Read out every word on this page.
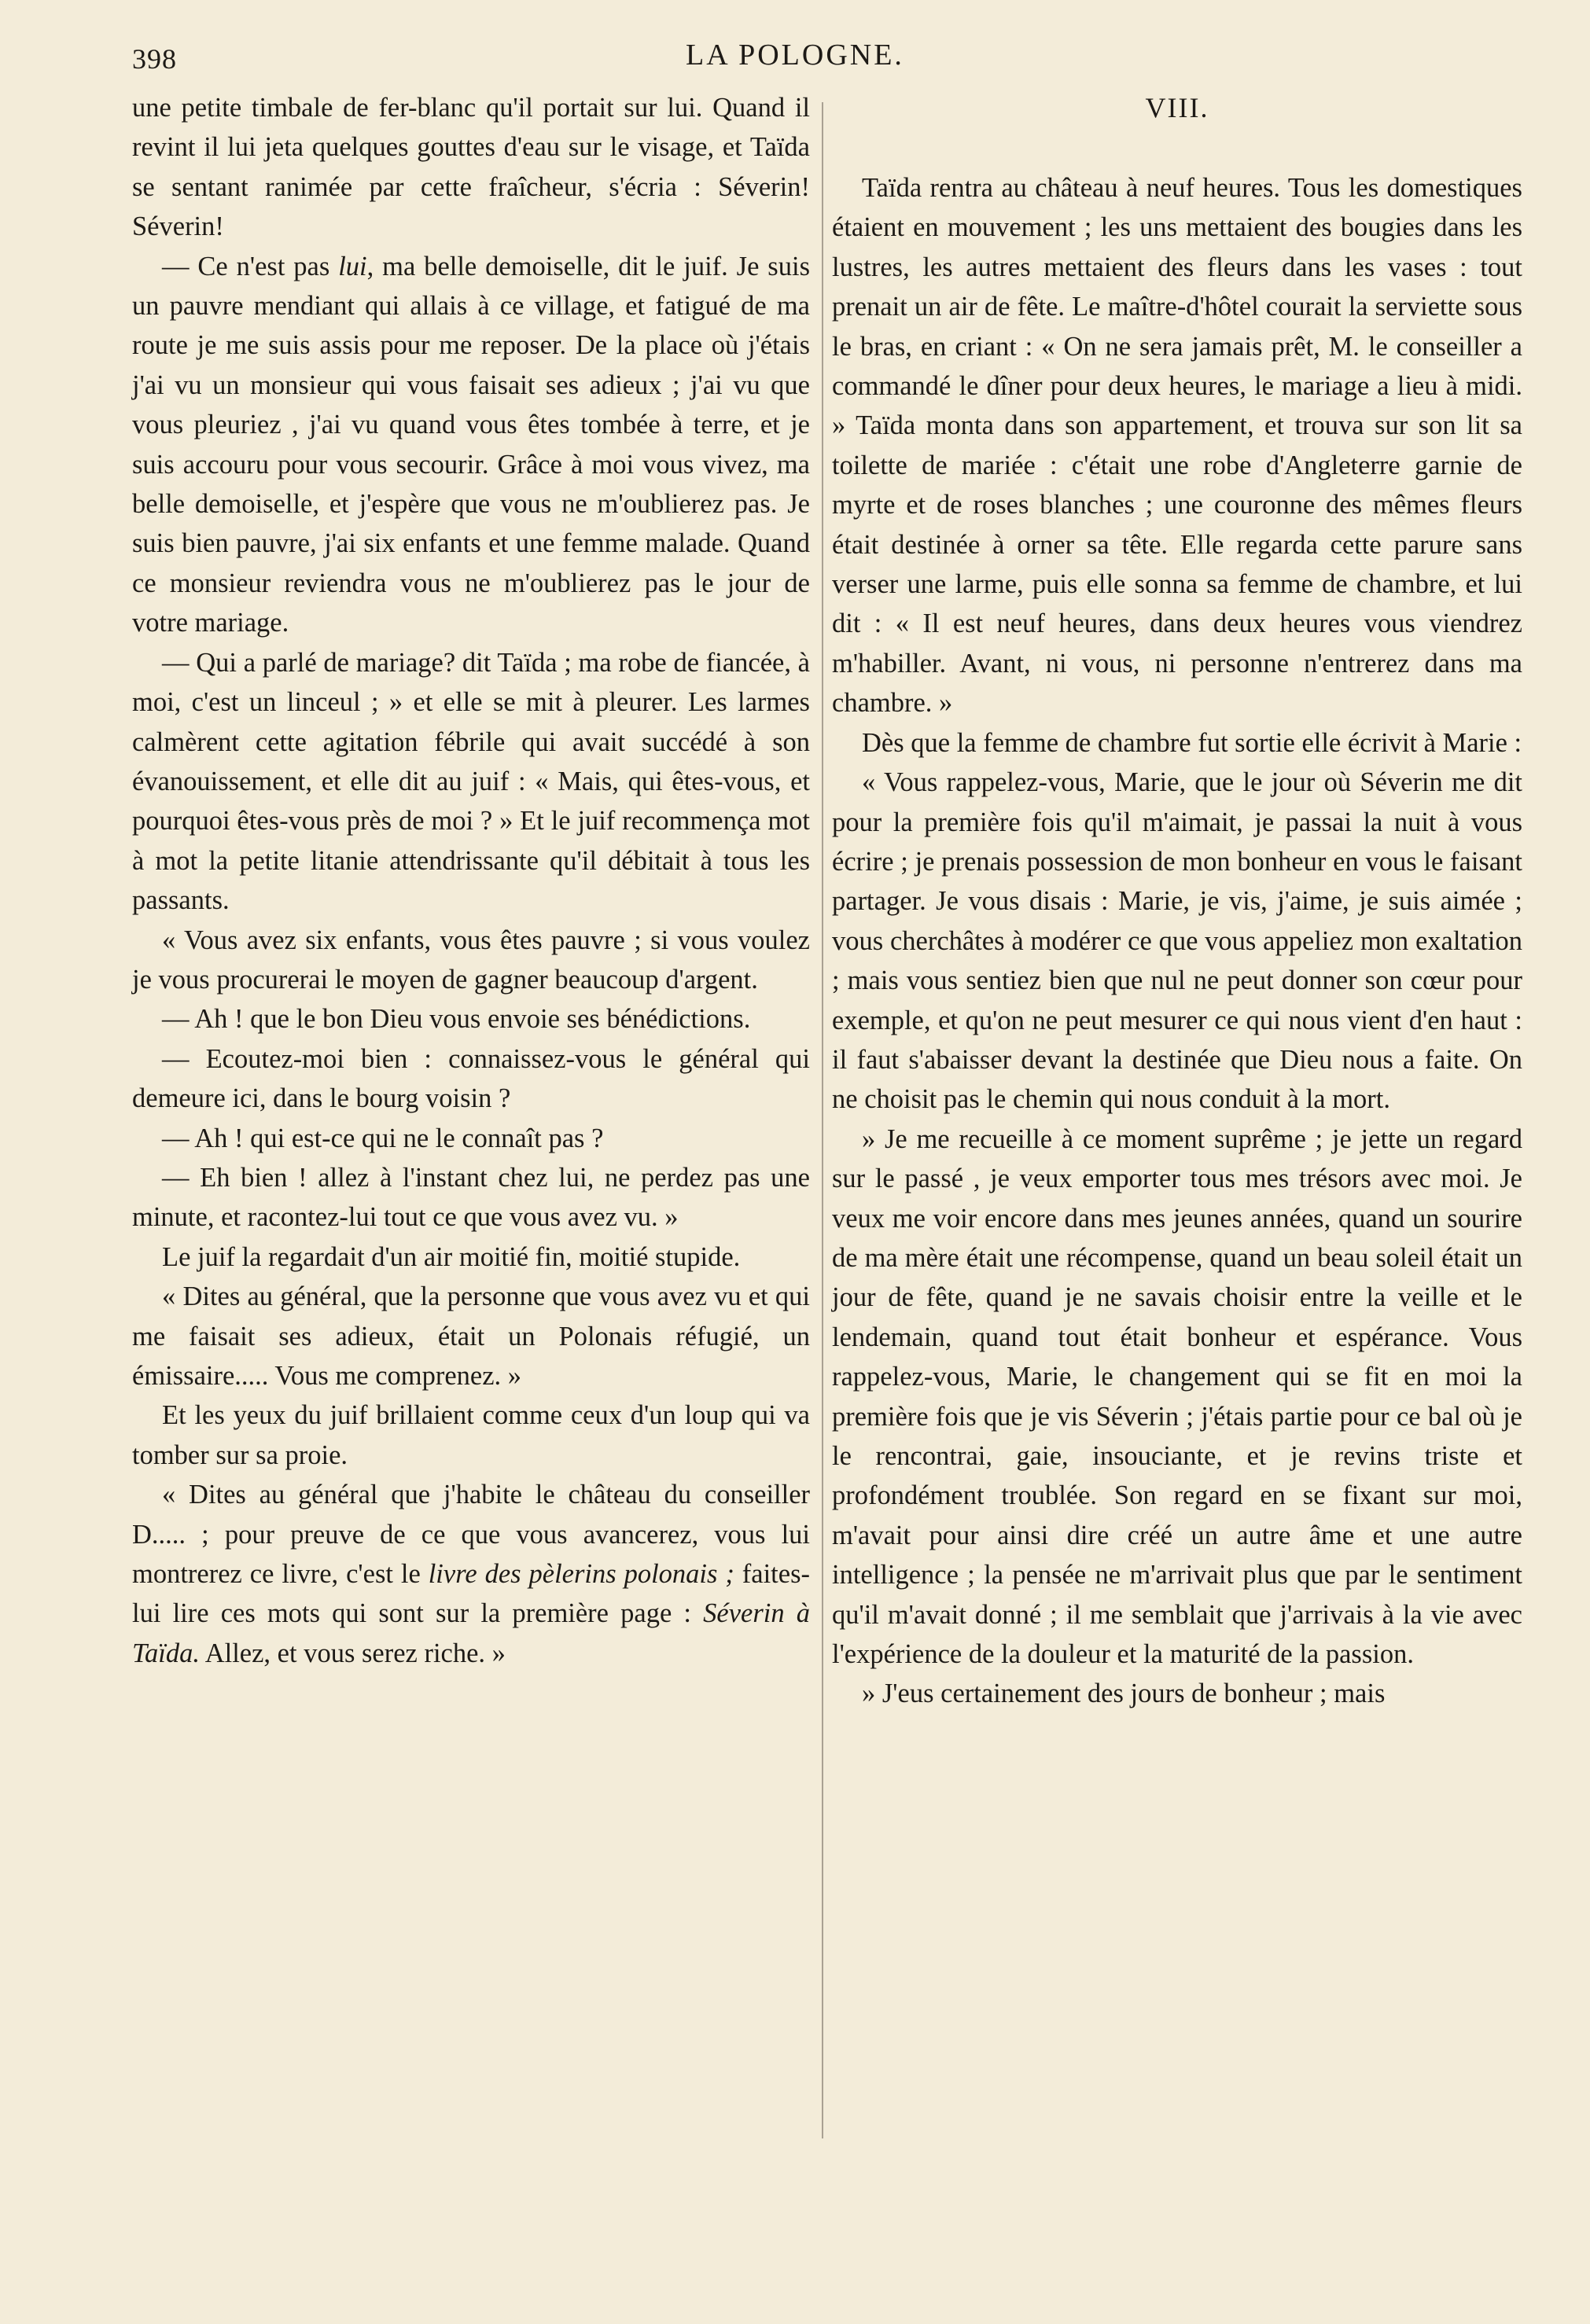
398	LA POLOGNE.

une petite timbale de fer-blanc qu'il portait sur lui. Quand il revint il lui jeta quelques gouttes d'eau sur le visage, et Taïda se sentant ranimée par cette fraîcheur, s'écria : Séverin! Séverin!

— Ce n'est pas lui, ma belle demoiselle, dit le juif. Je suis un pauvre mendiant qui allais à ce village, et fatigué de ma route je me suis assis pour me reposer. De la place où j'étais j'ai vu un monsieur qui vous faisait ses adieux ; j'ai vu que vous pleuriez , j'ai vu quand vous êtes tombée à terre, et je suis accouru pour vous secourir. Grâce à moi vous vivez, ma belle demoiselle, et j'espère que vous ne m'oublierez pas. Je suis bien pauvre, j'ai six enfants et une femme malade. Quand ce monsieur reviendra vous ne m'oublierez pas le jour de votre mariage.

— Qui a parlé de mariage? dit Taïda ; ma robe de fiancée, à moi, c'est un linceul ; » et elle se mit à pleurer. Les larmes calmèrent cette agitation fébrile qui avait succédé à son évanouissement, et elle dit au juif : « Mais, qui êtes-vous, et pourquoi êtes-vous près de moi ? » Et le juif recommença mot à mot la petite litanie attendrissante qu'il débitait à tous les passants.

« Vous avez six enfants, vous êtes pauvre ; si vous voulez je vous procurerai le moyen de gagner beaucoup d'argent.

— Ah ! que le bon Dieu vous envoie ses bénédictions.

— Ecoutez-moi bien : connaissez-vous le général qui demeure ici, dans le bourg voisin ?

— Ah ! qui est-ce qui ne le connaît pas ?

— Eh bien ! allez à l'instant chez lui, ne perdez pas une minute, et racontez-lui tout ce que vous avez vu. »

Le juif la regardait d'un air moitié fin, moitié stupide.

« Dites au général, que la personne que vous avez vu et qui me faisait ses adieux, était un Polonais réfugié, un émissaire..... Vous me comprenez. »

Et les yeux du juif brillaient comme ceux d'un loup qui va tomber sur sa proie.

« Dites au général que j'habite le château du conseiller D..... ; pour preuve de ce que vous avancerez, vous lui montrerez ce livre, c'est le livre des pèlerins polonais ; faites-lui lire ces mots qui sont sur la première page : Séverin à Taïda. Allez, et vous serez riche. »

VIII.

Taïda rentra au château à neuf heures. Tous les domestiques étaient en mouvement ; les uns mettaient des bougies dans les lustres, les autres mettaient des fleurs dans les vases : tout prenait un air de fête. Le maître-d'hôtel courait la serviette sous le bras, en criant : « On ne sera jamais prêt, M. le conseiller a commandé le dîner pour deux heures, le mariage a lieu à midi. » Taïda monta dans son appartement, et trouva sur son lit sa toilette de mariée : c'était une robe d'Angleterre garnie de myrte et de roses blanches ; une couronne des mêmes fleurs était destinée à orner sa tête. Elle regarda cette parure sans verser une larme, puis elle sonna sa femme de chambre, et lui dit : « Il est neuf heures, dans deux heures vous viendrez m'habiller. Avant, ni vous, ni personne n'entrerez dans ma chambre. »

Dès que la femme de chambre fut sortie elle écrivit à Marie :

« Vous rappelez-vous, Marie, que le jour où Séverin me dit pour la première fois qu'il m'aimait, je passai la nuit à vous écrire ; je prenais possession de mon bonheur en vous le faisant partager. Je vous disais : Marie, je vis, j'aime, je suis aimée ; vous cherchâtes à modérer ce que vous appeliez mon exaltation ; mais vous sentiez bien que nul ne peut donner son cœur pour exemple, et qu'on ne peut mesurer ce qui nous vient d'en haut : il faut s'abaisser devant la destinée que Dieu nous a faite. On ne choisit pas le chemin qui nous conduit à la mort.

» Je me recueille à ce moment suprême ; je jette un regard sur le passé , je veux emporter tous mes trésors avec moi. Je veux me voir encore dans mes jeunes années, quand un sourire de ma mère était une récompense, quand un beau soleil était un jour de fête, quand je ne savais choisir entre la veille et le lendemain, quand tout était bonheur et espérance. Vous rappelez-vous, Marie, le changement qui se fit en moi la première fois que je vis Séverin ; j'étais partie pour ce bal où je le rencontrai, gaie, insouciante, et je revins triste et profondément troublée. Son regard en se fixant sur moi, m'avait pour ainsi dire créé un autre âme et une autre intelligence ; la pensée ne m'arrivait plus que par le sentiment qu'il m'avait donné ; il me semblait que j'arrivais à la vie avec l'expérience de la douleur et la maturité de la passion.

» J'eus certainement des jours de bonheur ; mais
